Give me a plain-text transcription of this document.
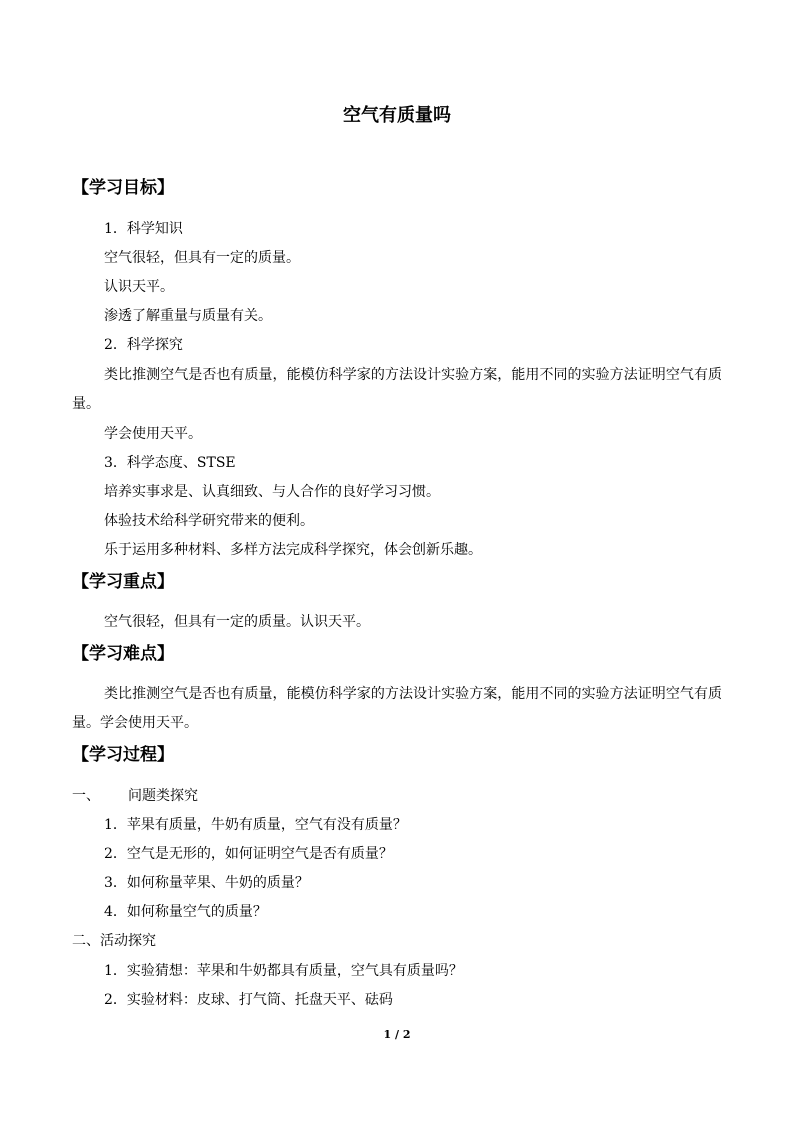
空气有质量吗
【学习目标】
1．科学知识
空气很轻，但具有一定的质量。
认识天平。
渗透了解重量与质量有关。
2．科学探究
类比推测空气是否也有质量，能模仿科学家的方法设计实验方案，能用不同的实验方法证明空气有质量。
学会使用天平。
3．科学态度、STSE
培养实事求是、认真细致、与人合作的良好学习习惯。
体验技术给科学研究带来的便利。
乐于运用多种材料、多样方法完成科学探究，体会创新乐趣。
【学习重点】
空气很轻，但具有一定的质量。认识天平。
【学习难点】
类比推测空气是否也有质量，能模仿科学家的方法设计实验方案，能用不同的实验方法证明空气有质量。学会使用天平。
【学习过程】
一、 问题类探究
1．苹果有质量，牛奶有质量，空气有没有质量？
2．空气是无形的，如何证明空气是否有质量？
3．如何称量苹果、牛奶的质量？
4．如何称量空气的质量？
二、活动探究
1．实验猜想：苹果和牛奶都具有质量，空气具有质量吗？
2．实验材料：皮球、打气筒、托盘天平、砝码
1 / 2
